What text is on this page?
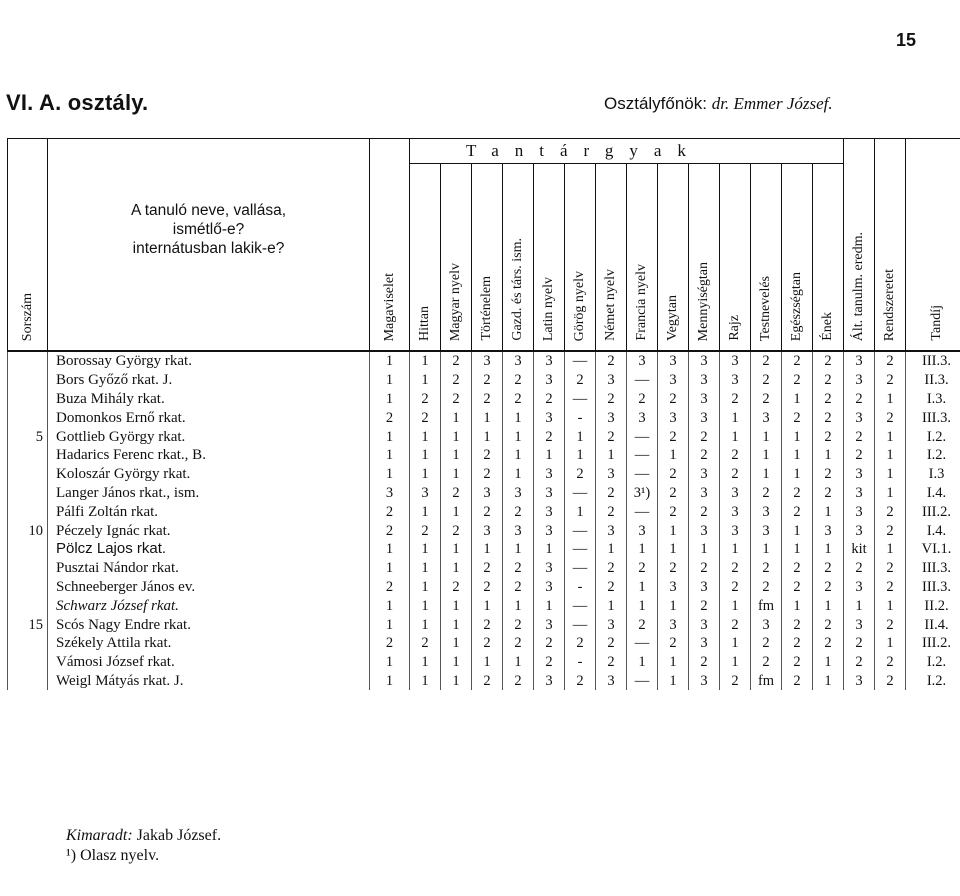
15
VI. A. osztály.	Osztályfőnök: dr. Emmer József.
Sorszám	A tanuló neve, vallása,
ismétlő-e?
internátusban lakik-e?	Magaviselet	Tantárgyak														Ált. tanulm. eredm.	Rendszeretet	Tandíj
			Hittan	Magyar nyelv	Történelem	Gazd. és társ. ism.	Latin nyelv	Görög nyelv	Német nyelv	Francia nyelv	Vegytan	Mennyiségtan	Rajz	Testnevelés	Egészségtan	Ének			
	Borossay György rkat.	1	1	2	3	3	3	—	2	3	3	3	3	2	2	2	3	2	III.3.
	Bors Győző rkat. J.	1	1	2	2	2	3	2	3	—	3	3	3	2	2	2	3	2	II.3.
	Buza Mihály rkat.	1	2	2	2	2	2	—	2	2	2	3	2	2	1	2	2	1	I.3.
	Domonkos Ernő rkat.	2	2	1	1	1	3	-	3	3	3	3	1	3	2	2	3	2	III.3.
5	Gottlieb György rkat.	1	1	1	1	1	2	1	2	—	2	2	1	1	1	2	2	1	I.2.
	Hadarics Ferenc rkat., B.	1	1	1	2	1	1	1	1	—	1	2	2	1	1	1	2	1	I.2.
	Koloszár György rkat.	1	1	1	2	1	3	2	3	—	2	3	2	1	1	2	3	1	I.3
	Langer János rkat., ism.	3	3	2	3	3	3	—	2	3¹)	2	3	3	2	2	2	3	1	I.4.
	Pálfi Zoltán rkat.	2	1	1	2	2	3	1	2	—	2	2	3	3	2	1	3	2	III.2.
10	Péczely Ignác rkat.	2	2	2	3	3	3	—	3	3	1	3	3	3	1	3	3	2	I.4.
	Pölcz Lajos rkat.	1	1	1	1	1	1	—	1	1	1	1	1	1	1	1	kit	1	VI.1.
	Pusztai Nándor rkat.	1	1	1	2	2	3	—	2	2	2	2	2	2	2	2	2	2	III.3.
	Schneeberger János ev.	2	1	2	2	2	3	-	2	1	3	3	2	2	2	2	3	2	III.3.
	Schwarz József rkat.	1	1	1	1	1	1	—	1	1	1	2	1	fm	1	1	1	1	II.2.
15	Scós Nagy Endre rkat.	1	1	1	2	2	3	—	3	2	3	3	2	3	2	2	3	2	II.4.
	Székely Attila rkat.	2	2	1	2	2	2	2	2	—	2	3	1	2	2	2	2	1	III.2.
	Vámosi József rkat.	1	1	1	1	1	2	-	2	1	1	2	1	2	2	1	2	2	I.2.
	Weigl Mátyás rkat. J.	1	1	1	2	2	3	2	3	—	1	3	2	fm	2	1	3	2	I.2.
Kimaradt: Jakab József.
¹) Olasz nyelv.
